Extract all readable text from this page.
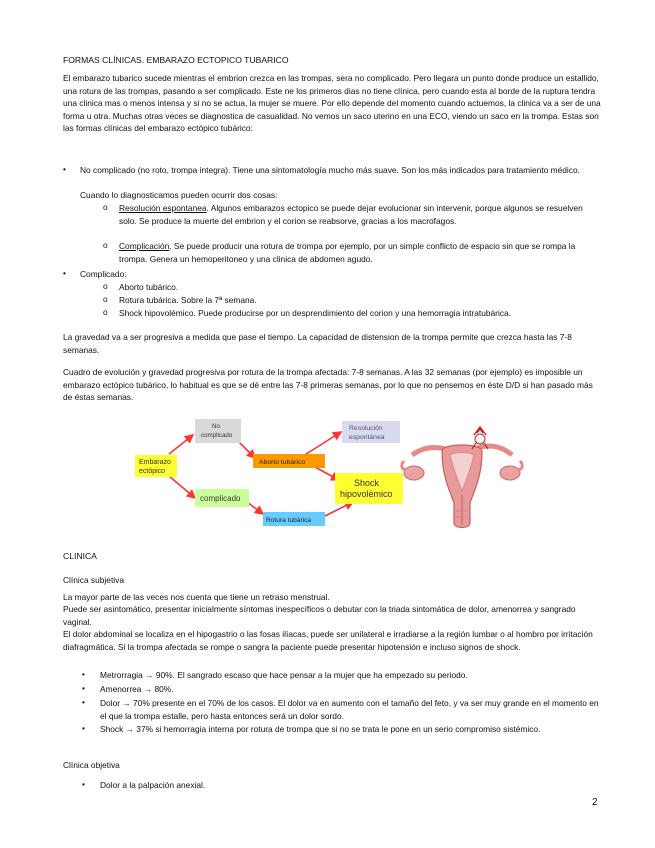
FORMAS CLÍNICAS. EMBARAZO ECTOPICO TUBARICO

El embarazo tubarico sucede mientras el embrion crezca en las trompas, sera no complicado. Pero llegara un punto donde produce un estallido, una rotura de las trompas, pasando a ser complicado. Este ne los primeros dias no tiene clínica, pero cuando esta al borde de la ruptura tendra una clinica mas o menos intensa y si no se actua, la mujer se muere. Por ello depende del momento cuando actuemos, la clinica va a ser de una forma u otra. Muchas otras veces se diagnostica de casualidad. No vemos un saco uterino en una ECO, viendo un saco en la trompa. Estas son las formas clínicas del embarazo ectópico tubárico:

• No complicado (no roto, trompa integra). Tiene una sintomatología mucho más suave. Son los más indicados para tratamiento médico.
Cuando lo diagnosticamos pueden ocurrir dos cosas:
o Resolución espontanea. Algunos embarazos ectopico se puede dejar evolucionar sin intervenir, porque algunos se resuelven solo. Se produce la muerte del embrion y el corion se reabsorve, gracias a los macrofagos.
o Complicación. Se puede producir una rotura de trompa por ejemplo, por un simple conflicto de espacio sin que se rompa la trompa. Genera un hemoperitoneo y una clinica de abdomen agudo.
• Complicado:
o Aborto tubárico.
o Rotura tubárica. Sobre la 7ª semana.
o Shock hipovolémico. Puede producirse por un desprendimiento del corion y una hemorragia intratubárica.

La gravedad va a ser progresiva a medida que pase el tiempo. La capacidad de distension de la trompa permite que crezca hasta las 7-8 semanas.

Cuadro de evolución y gravedad progresiva por rotura de la trompa afectada: 7-8 semanas. A las 32 semanas (por ejemplo) es imposible un embarazo ectópico tubárico, lo habitual es que se dé entre las 7-8 primeras semanas, por lo que no pensemos en éste D/D si han pasado más de éstas semanas.

Embarazo
ectópico
No
complicado
Resolución
espontánea
Aborto tubárico
Shock
hipovolémico
complicado
Rotura tubárica
CLINICA
Clínica subjetiva

La mayor parte de las veces nos cuenta que tiene un retraso menstrual.

Puede ser asintomático, presentar inicialmente síntomas inespecíficos o debutar con la triada sintomática de dolor, amenorrea y sangrado vaginal.

El dolor abdominal se localiza en el hipogastrio o las fosas ilíacas, puede ser unilateral e irradiarse a la región lumbar o al hombro por irritación diafragmática. Si la trompa afectada se rompe o sangra la paciente puede presentar hipotensión e incluso signos de shock.

• Metrorragia → 90%. El sangrado escaso que hace pensar a la mujer que ha empezado su periodo.
• Amenorrea → 80%.
• Dolor → 70% presente en el 70% de los casos. El dolor va en aumento con el tamaño del feto, y va ser muy grande en el momento en el que la trompa estalle, pero hasta entonces será un dolor sordo.
• Shock → 37% si hemorragia interna por rotura de trompa que si no se trata le pone en un serio compromiso sistémico.
Clínica objetiva
• Dolor a la palpación anexial.
2
